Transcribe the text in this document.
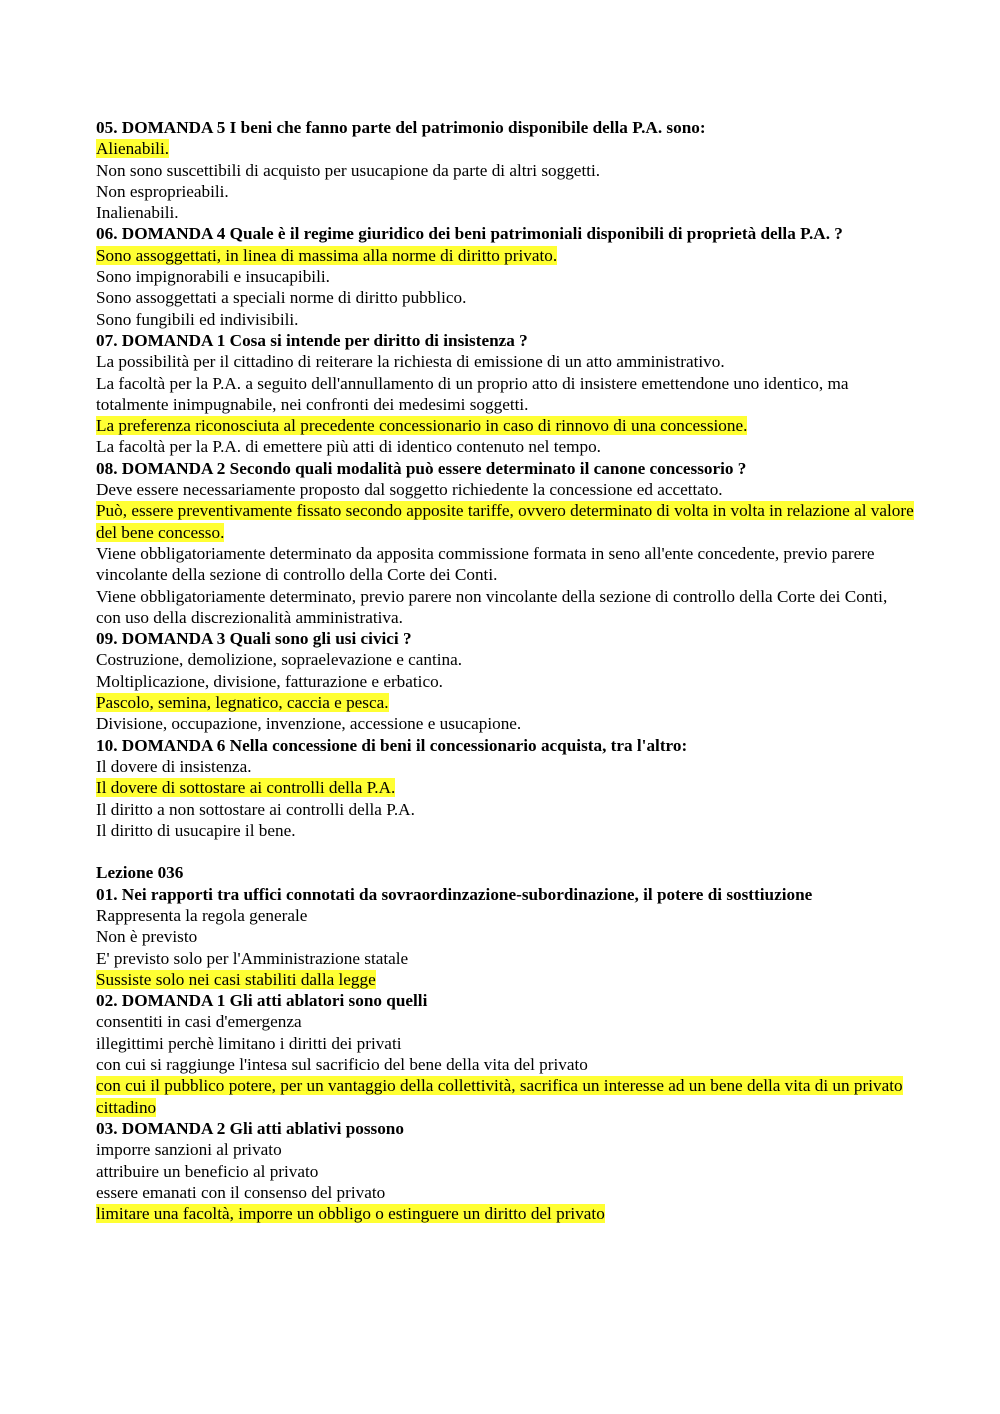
05. DOMANDA 5 I beni che fanno parte del patrimonio disponibile della P.A. sono:
Alienabili.
Non sono suscettibili di acquisto per usucapione da parte di altri soggetti.
Non espropriеabili.
Inalienabili.
06. DOMANDA 4 Quale è il regime giuridico dei beni patrimoniali disponibili di proprietà della P.A. ?
Sono assoggettati, in linea di massima alla norme di diritto privato.
Sono impignorabili e insucapibili.
Sono assoggettati a speciali norme di diritto pubblico.
Sono fungibili ed indivisibili.
07. DOMANDA 1 Cosa si intende per diritto di insistenza ?
La possibilità per il cittadino di reiterare la richiesta di emissione di un atto amministrativo.
La facoltà per la P.A. a seguito dell'annullamento di un proprio atto di insistere emettendone uno identico, ma totalmente inimpugnabile, nei confronti dei medesimi soggetti.
La preferenza riconosciuta al precedente concessionario in caso di rinnovo di una concessione.
La facoltà per la P.A. di emettere più atti di identico contenuto nel tempo.
08. DOMANDA 2 Secondo quali modalità può essere determinato il canone concessorio ?
Deve essere necessariamente proposto dal soggetto richiedente la concessione ed accettato.
Può, essere preventivamente fissato secondo apposite tariffe, ovvero determinato di volta in volta in relazione al valore del bene concesso.
Viene obbligatoriamente determinato da apposita commissione formata in seno all'ente concedente, previo parere vincolante della sezione di controllo della Corte dei Conti.
Viene obbligatoriamente determinato, previo parere non vincolante della sezione di controllo della Corte dei Conti, con uso della discrezionalità amministrativa.
09. DOMANDA 3 Quali sono gli usi civici ?
Costruzione, demolizione, sopraelevazione e cantina.
Moltiplicazione, divisione, fatturazione e erbatico.
Pascolo, semina, legnatico, caccia e pesca.
Divisione, occupazione, invenzione, accessione e usucapione.
10. DOMANDA 6 Nella concessione di beni il concessionario acquista, tra l'altro:
Il dovere di insistenza.
Il dovere di sottostare ai controlli della P.A.
Il diritto a non sottostare ai controlli della P.A.
Il diritto di usucapire il bene.
Lezione 036
01. Nei rapporti tra uffici connotati da sovraordinzazione-subordinazione, il potere di sosttiuzione
Rappresenta la regola generale
Non è previsto
E' previsto solo per l'Amministrazione statale
Sussiste solo nei casi stabiliti dalla legge
02. DOMANDA 1 Gli atti ablatori sono quelli
consentiti in casi d'emergenza
illegittimi perchè limitano i diritti dei privati
con cui si raggiunge l'intesa sul sacrificio del bene della vita del privato
con cui il pubblico potere, per un vantaggio della collettività, sacrifica un interesse ad un bene della vita di un privato cittadino
03. DOMANDA 2 Gli atti ablativi possono
imporre sanzioni al privato
attribuire un beneficio al privato
essere emanati con il consenso del privato
limitare una facoltà, imporre un obbligo o estinguere un diritto del privato
